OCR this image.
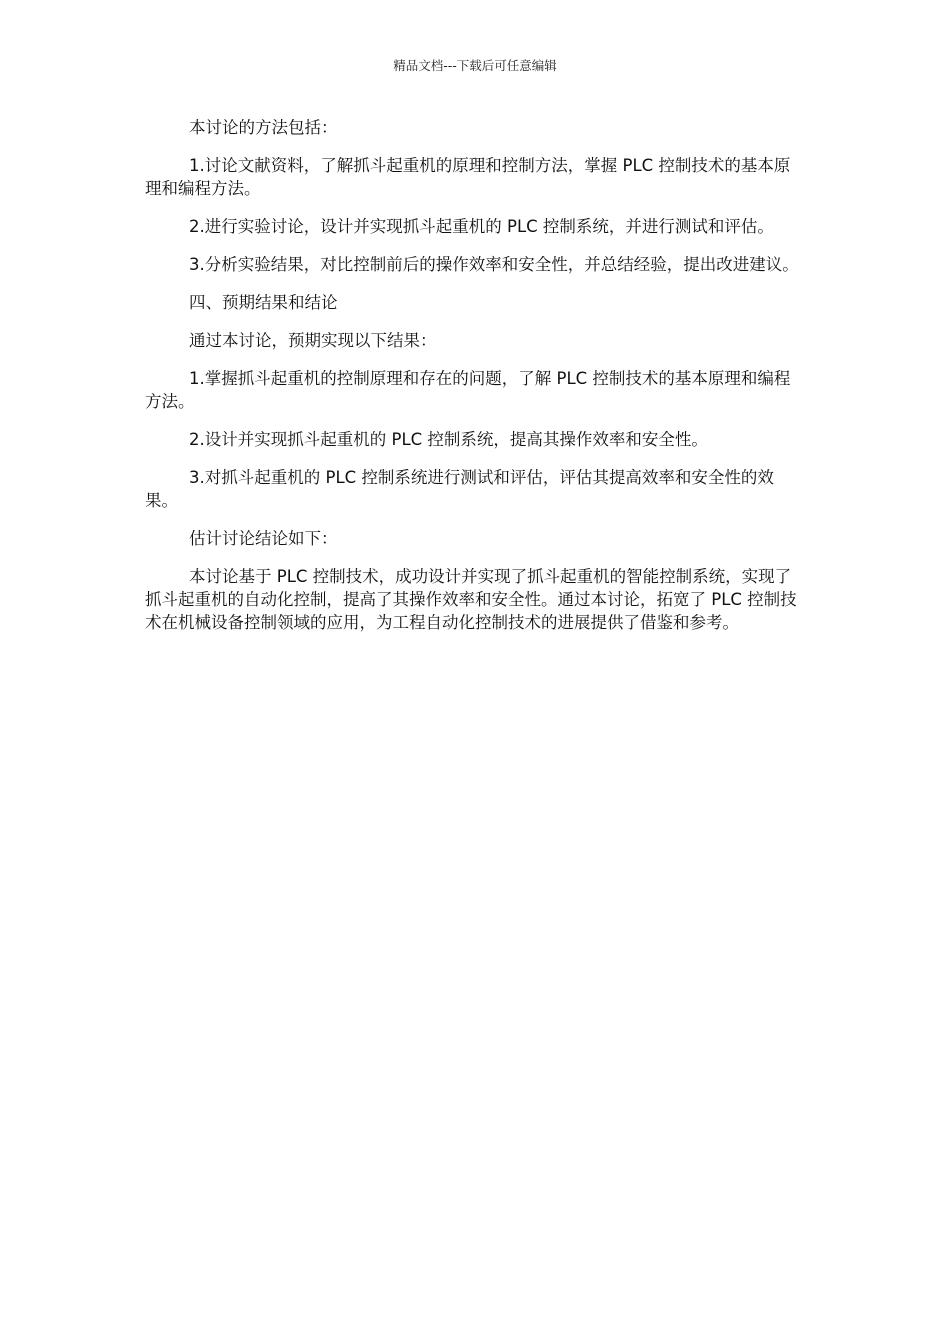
精品文档---下载后可任意编辑

本讨论的方法包括：

1.讨论文献资料，了解抓斗起重机的原理和控制方法，掌握 PLC 控制技术的基本原理和编程方法。

2.进行实验讨论，设计并实现抓斗起重机的 PLC 控制系统，并进行测试和评估。

3.分析实验结果，对比控制前后的操作效率和安全性，并总结经验，提出改进建议。

四、预期结果和结论

通过本讨论，预期实现以下结果：

1.掌握抓斗起重机的控制原理和存在的问题，了解 PLC 控制技术的基本原理和编程方法。

2.设计并实现抓斗起重机的 PLC 控制系统，提高其操作效率和安全性。

3.对抓斗起重机的 PLC 控制系统进行测试和评估，评估其提高效率和安全性的效果。

估计讨论结论如下：

本讨论基于 PLC 控制技术，成功设计并实现了抓斗起重机的智能控制系统，实现了抓斗起重机的自动化控制，提高了其操作效率和安全性。通过本讨论，拓宽了 PLC 控制技术在机械设备控制领域的应用，为工程自动化控制技术的进展提供了借鉴和参考。
